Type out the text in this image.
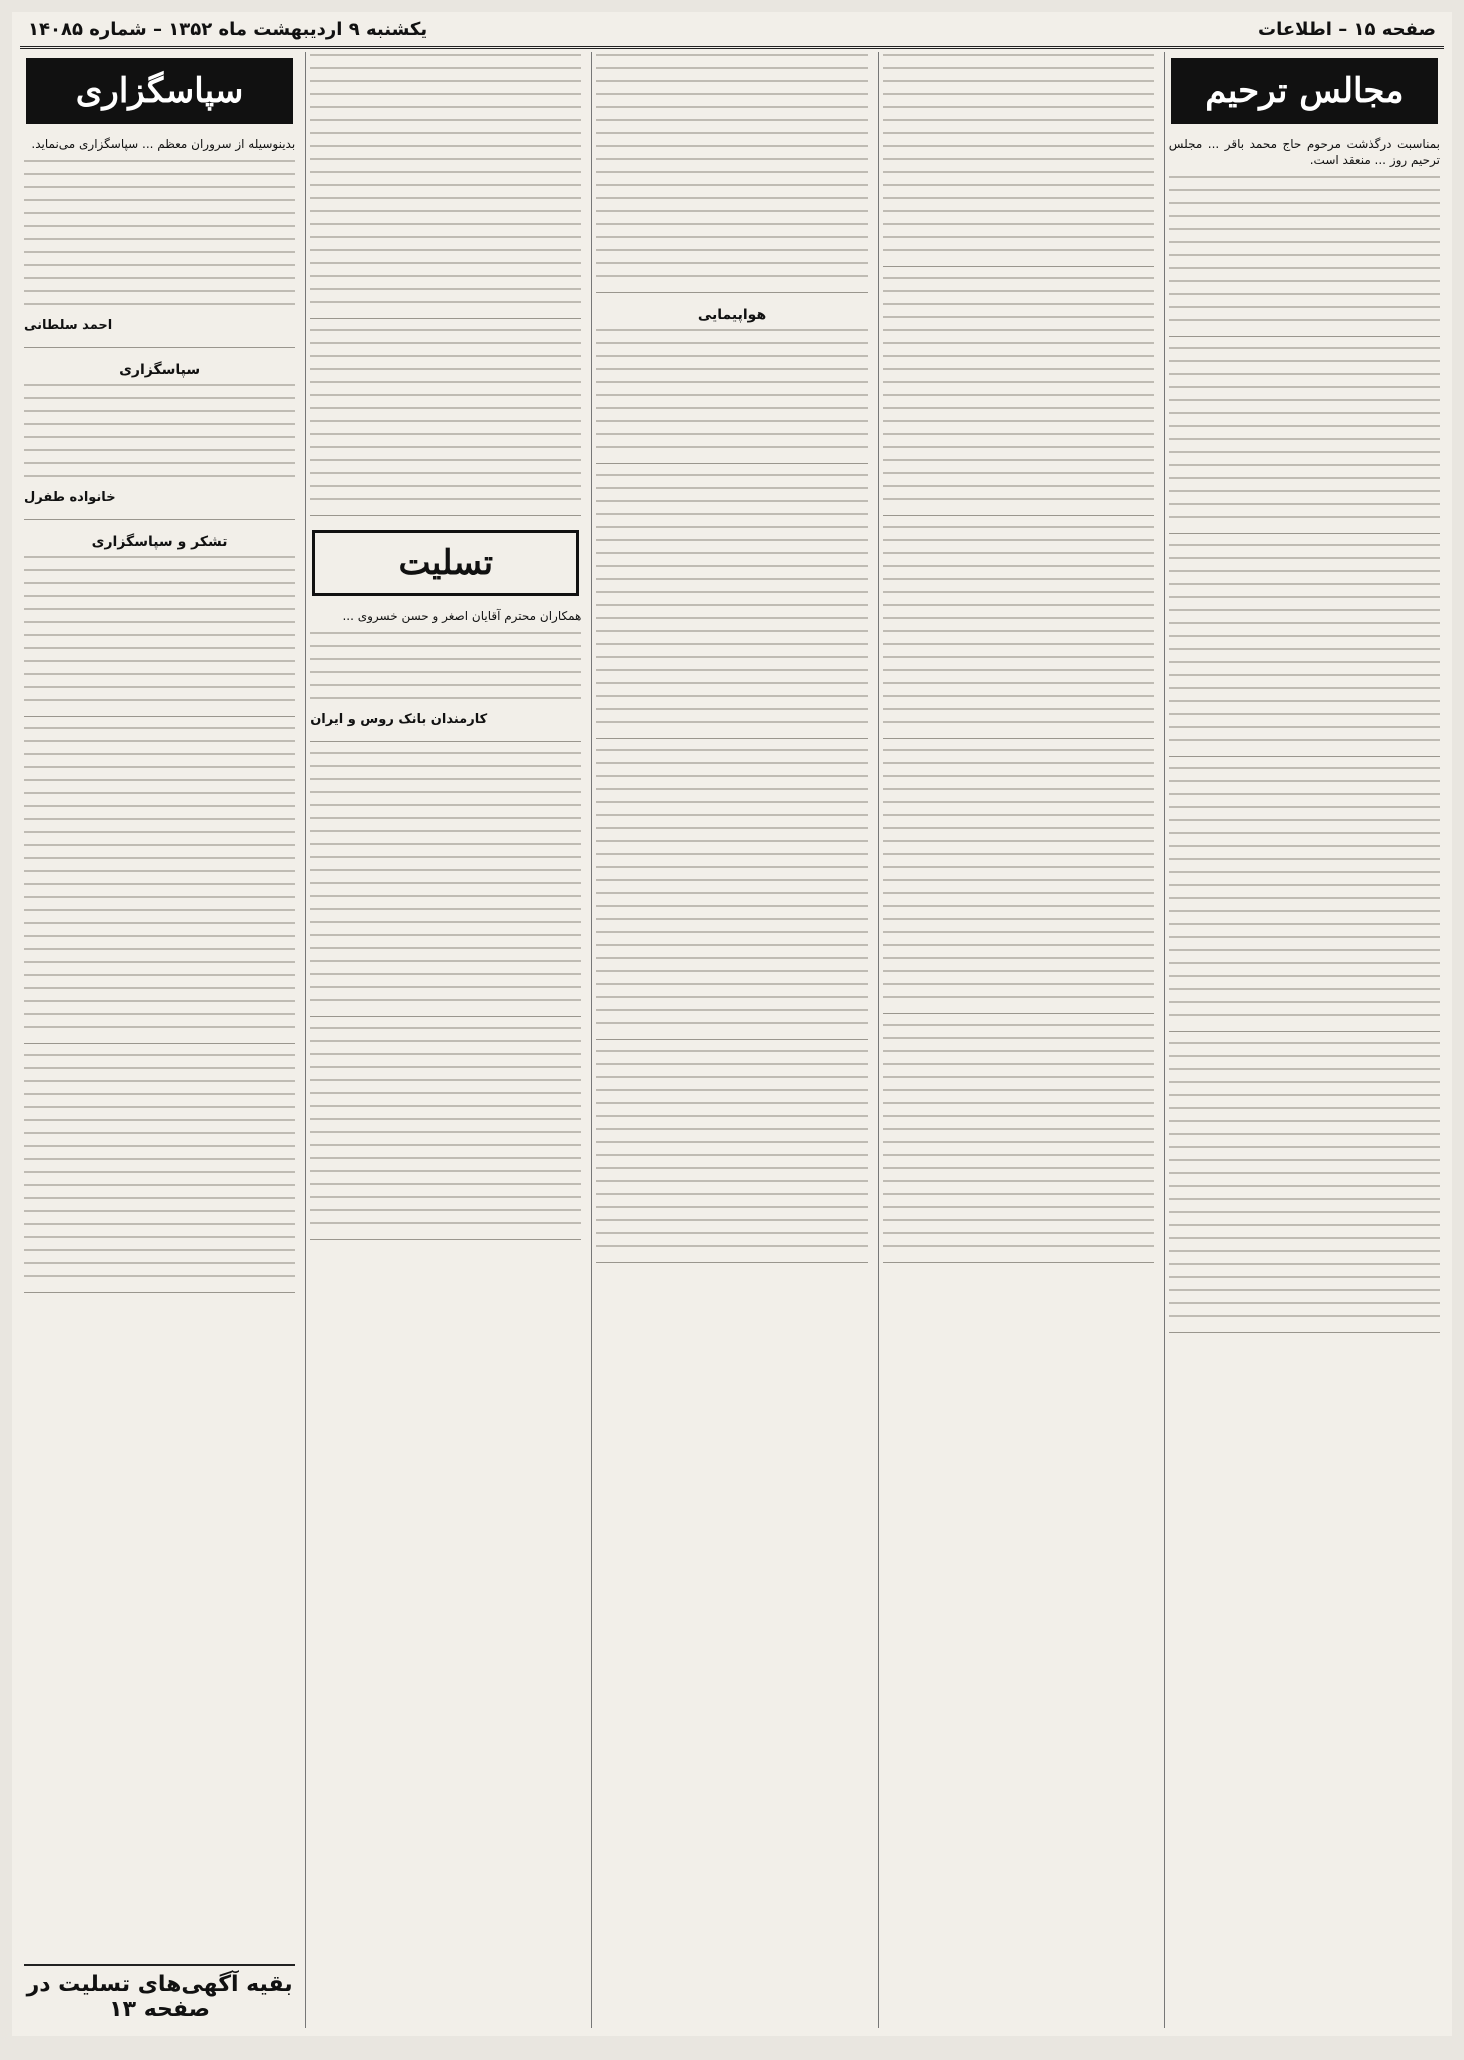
صفحه ۱۵ – اطلاعات
یکشنبه ۹ اردیبهشت ماه ۱۳۵۲ – شماره ۱۴۰۸۵
مجالس ترحیم
بمناسبت درگذشت مرحوم حاج محمد باقر ... مجلس ترحیم روز ... منعقد است.
هواپیمایی
تسلیت
همکاران محترم آقایان اصغر و حسن خسروی ...
کارمندان بانک روس و ایران
سپاسگزاری
بدینوسیله از سروران معظم ... سپاسگزاری می‌نماید.
احمد سلطانی
سپاسگزاری
خانواده طفرل
تشکر و سپاسگزاری
بقیه آگهی‌های تسلیت در صفحه ۱۳
